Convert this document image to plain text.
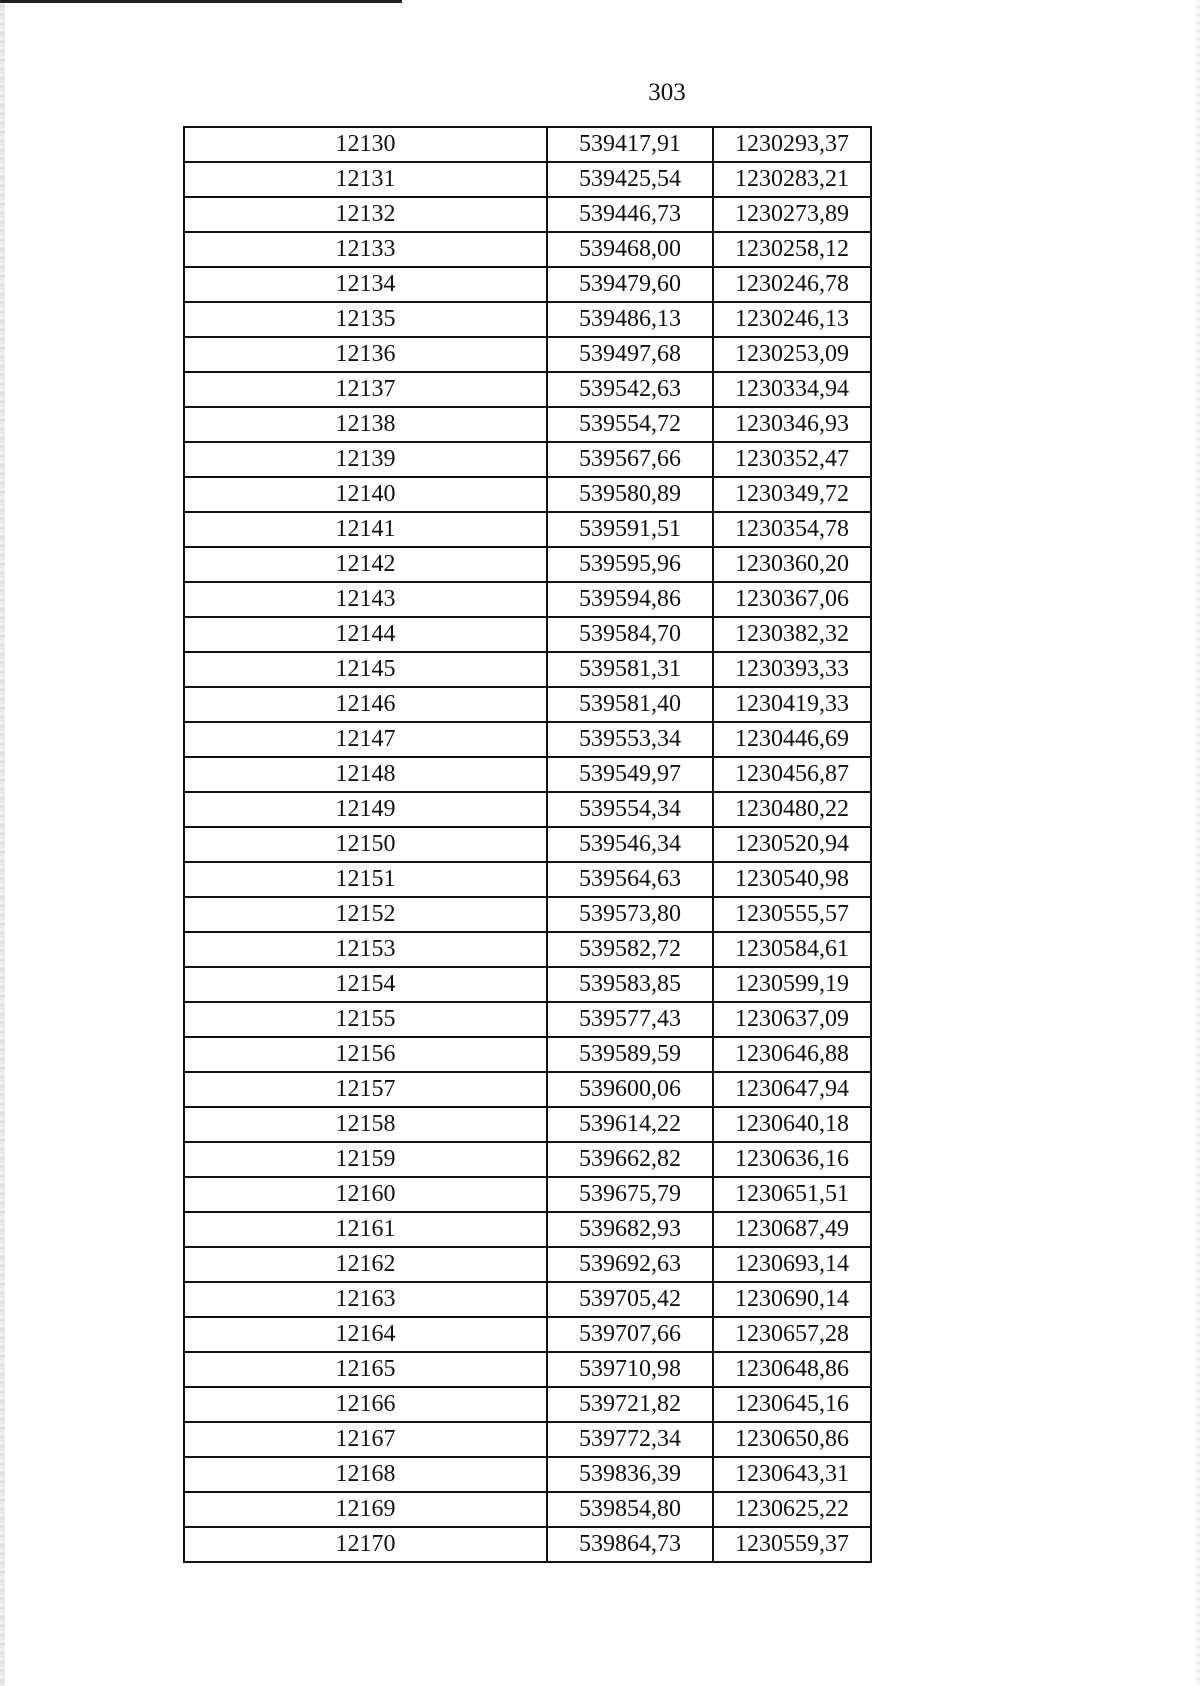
303
12130	539417,91	1230293,37
12131	539425,54	1230283,21
12132	539446,73	1230273,89
12133	539468,00	1230258,12
12134	539479,60	1230246,78
12135	539486,13	1230246,13
12136	539497,68	1230253,09
12137	539542,63	1230334,94
12138	539554,72	1230346,93
12139	539567,66	1230352,47
12140	539580,89	1230349,72
12141	539591,51	1230354,78
12142	539595,96	1230360,20
12143	539594,86	1230367,06
12144	539584,70	1230382,32
12145	539581,31	1230393,33
12146	539581,40	1230419,33
12147	539553,34	1230446,69
12148	539549,97	1230456,87
12149	539554,34	1230480,22
12150	539546,34	1230520,94
12151	539564,63	1230540,98
12152	539573,80	1230555,57
12153	539582,72	1230584,61
12154	539583,85	1230599,19
12155	539577,43	1230637,09
12156	539589,59	1230646,88
12157	539600,06	1230647,94
12158	539614,22	1230640,18
12159	539662,82	1230636,16
12160	539675,79	1230651,51
12161	539682,93	1230687,49
12162	539692,63	1230693,14
12163	539705,42	1230690,14
12164	539707,66	1230657,28
12165	539710,98	1230648,86
12166	539721,82	1230645,16
12167	539772,34	1230650,86
12168	539836,39	1230643,31
12169	539854,80	1230625,22
12170	539864,73	1230559,37
